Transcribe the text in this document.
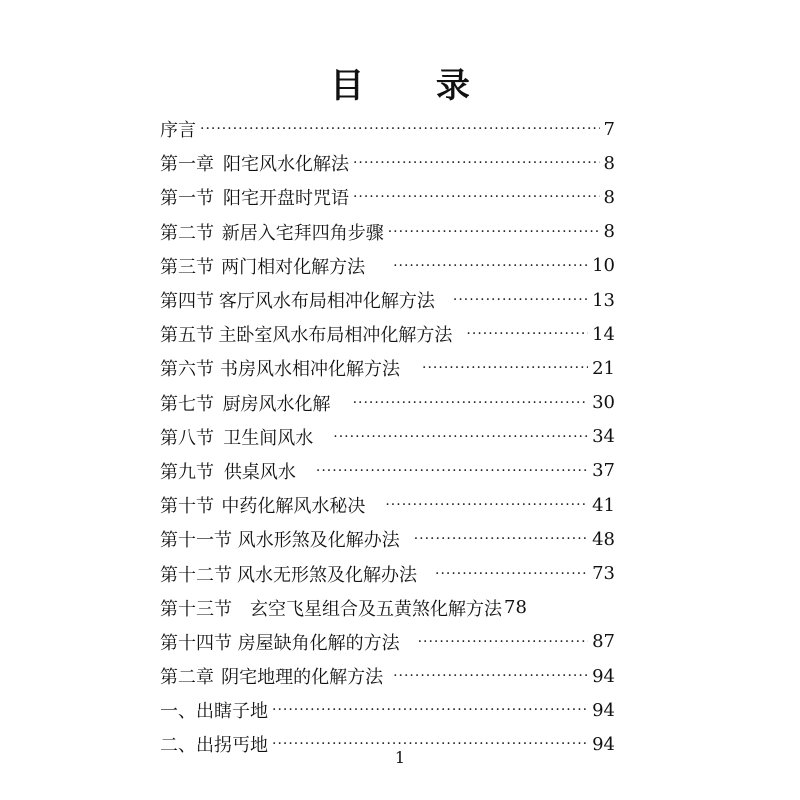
目 录
序言 ·····	7
第一章 阳宅风水化解法 ·····	8
第一节 阳宅开盘时咒语 ·····	8
第二节 新居入宅拜四角步骤 ·····	8
第三节 两门相对化解方法 ·····	10
第四节 客厅风水布局相冲化解方法 ·····	13
第五节 主卧室风水布局相冲化解方法 ·····	14
第六节 书房风水相冲化解方法 ·····	21
第七节 厨房风水化解 ·····	30
第八节 卫生间风水 ·····	34
第九节 供桌风水 ·····	37
第十节 中药化解风水秘决 ·····	41
第十一节 风水形煞及化解办法 ·····	48
第十二节 风水无形煞及化解办法 ·····	73
第十三节 玄空飞星组合及五黄煞化解方法 78
第十四节 房屋缺角化解的方法 ·····	87
第二章 阴宅地理的化解方法 ·····	94
一、出瞎子地 ·····	94
二、出拐丐地 ·····	94
1
